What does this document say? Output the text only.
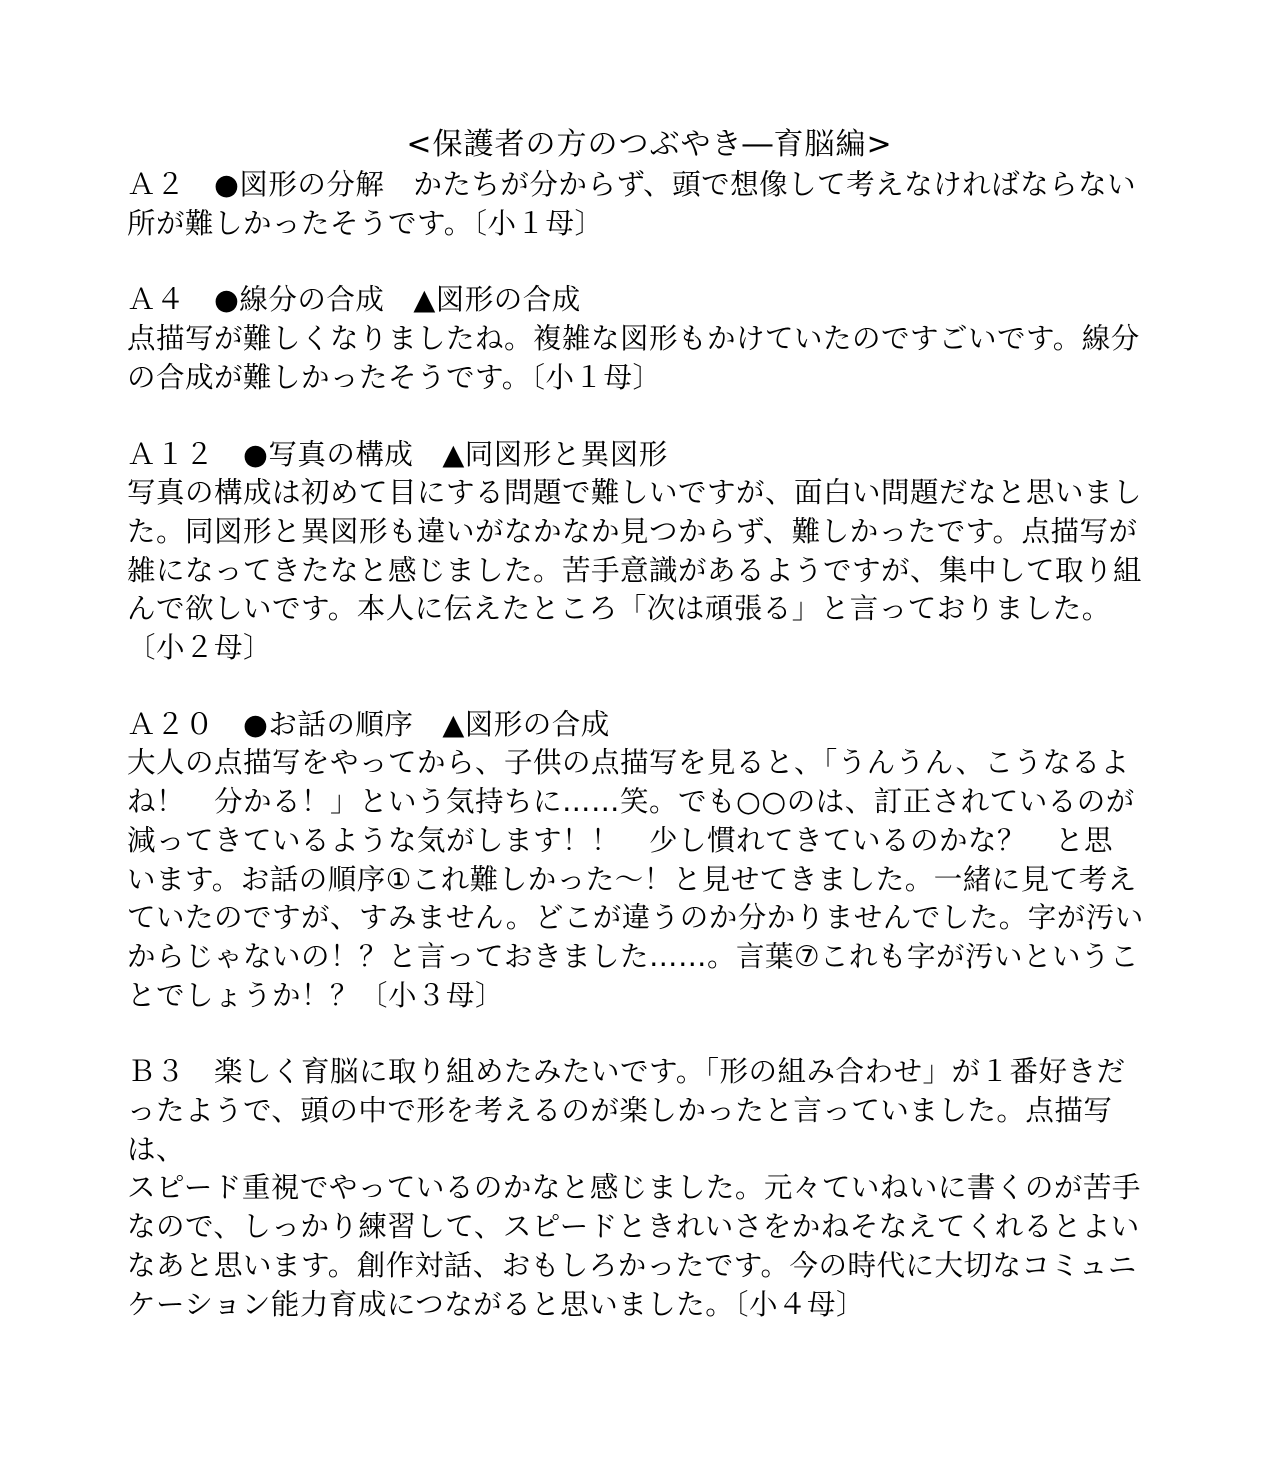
<保護者の方のつぶやき―育脳編>

Ａ２　●図形の分解　かたちが分からず、頭で想像して考えなければならない

所が難しかったそうです。〔小１母〕

Ａ４　●線分の合成　▲図形の合成

点描写が難しくなりましたね。複雑な図形もかけていたのですごいです。線分

の合成が難しかったそうです。〔小１母〕

Ａ１２　●写真の構成　▲同図形と異図形

写真の構成は初めて目にする問題で難しいですが、面白い問題だなと思いまし

た。同図形と異図形も違いがなかなか見つからず、難しかったです。点描写が

雑になってきたなと感じました。苦手意識があるようですが、集中して取り組

んで欲しいです。本人に伝えたところ「次は頑張る」と言っておりました。

〔小２母〕

Ａ２０　●お話の順序　▲図形の合成

大人の点描写をやってから、子供の点描写を見ると、「うんうん、こうなるよ

ね！　分かる！」という気持ちに……笑。でも○○のは、訂正されているのが

減ってきているような気がします！！　少し慣れてきているのかな？　と思

います。お話の順序①これ難しかった～！と見せてきました。一緒に見て考え

ていたのですが、すみません。どこが違うのか分かりませんでした。字が汚い

からじゃないの！？と言っておきました……。言葉⑦これも字が汚いというこ

とでしょうか！？〔小３母〕

Ｂ３　楽しく育脳に取り組めたみたいです。「形の組み合わせ」が１番好きだ

ったようで、頭の中で形を考えるのが楽しかったと言っていました。点描写は、

スピード重視でやっているのかなと感じました。元々ていねいに書くのが苦手

なので、しっかり練習して、スピードときれいさをかねそなえてくれるとよい

なあと思います。創作対話、おもしろかったです。今の時代に大切なコミュニ

ケーション能力育成につながると思いました。〔小４母〕
